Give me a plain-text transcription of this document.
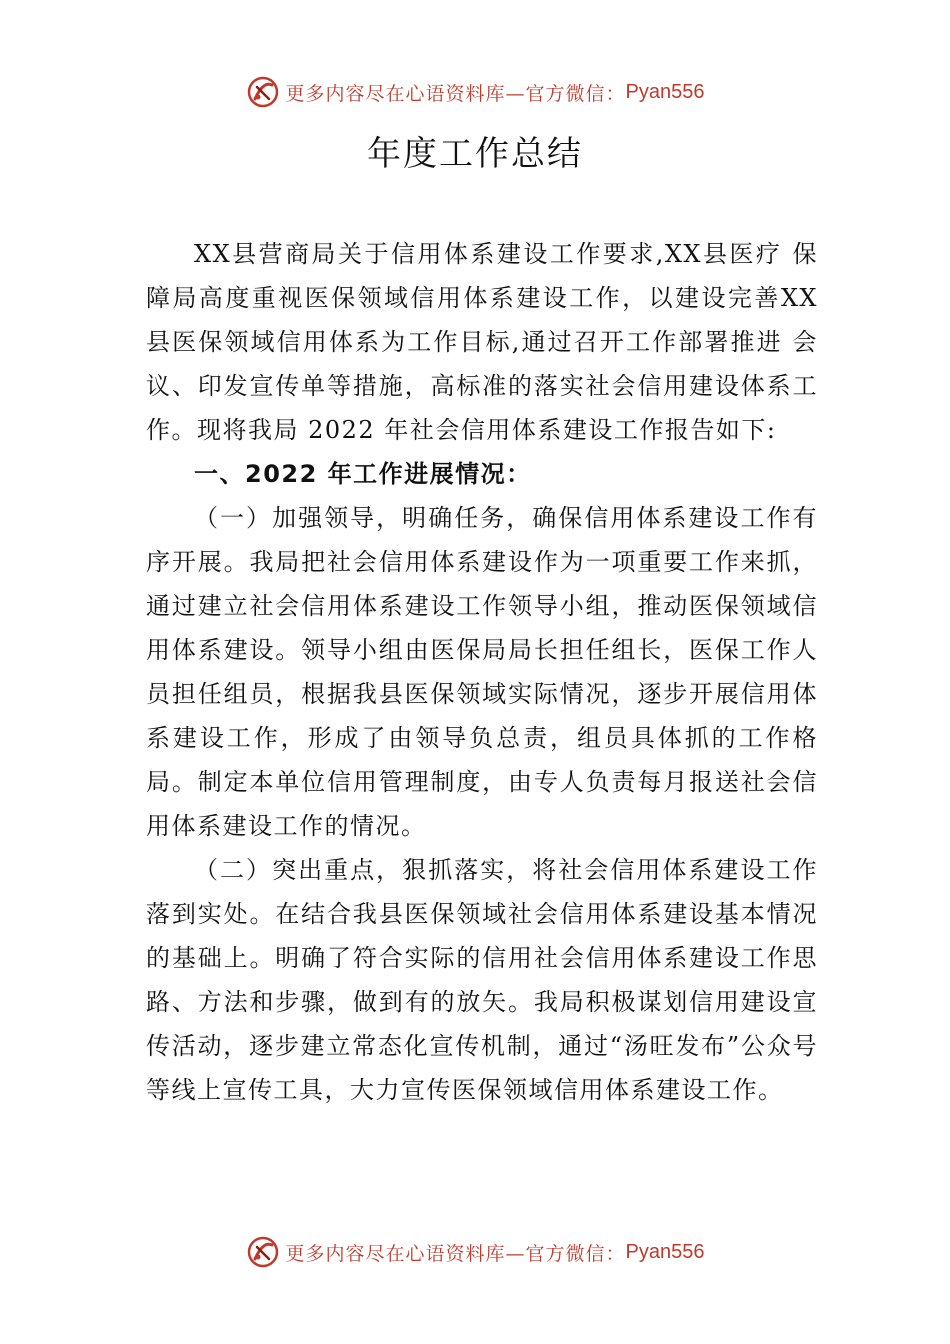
更多内容尽在心语资料库—官方微信： Pyan556
年度工作总结

XX县营商局关于信用体系建设工作要求,XX县医疗 保障局高度重视医保领域信用体系建设工作，以建设完善XX县医保领域信用体系为工作目标,通过召开工作部署推进 会议、印发宣传单等措施，高标准的落实社会信用建设体系工作。现将我局 2022 年社会信用体系建设工作报告如下:

一、2022 年工作进展情况：

（一）加强领导，明确任务，确保信用体系建设工作有序开展。我局把社会信用体系建设作为一项重要工作来抓， 通过建立社会信用体系建设工作领导小组，推动医保领域信用体系建设。领导小组由医保局局长担任组长，医保工作人员担任组员，根据我县医保领域实际情况，逐步开展信用体系建设工作，形成了由领导负总责，组员具体抓的工作格局。制定本单位信用管理制度，由专人负责每月报送社会信用体系建设工作的情况。

（二）突出重点，狠抓落实，将社会信用体系建设工作落到实处。在结合我县医保领域社会信用体系建设基本情况的基础上。明确了符合实际的信用社会信用体系建设工作思路、方法和步骤，做到有的放矢。我局积极谋划信用建设宣传活动，逐步建立常态化宣传机制，通过“汤旺发布”公众号等线上宣传工具，大力宣传医保领域信用体系建设工作。

更多内容尽在心语资料库—官方微信： Pyan556
